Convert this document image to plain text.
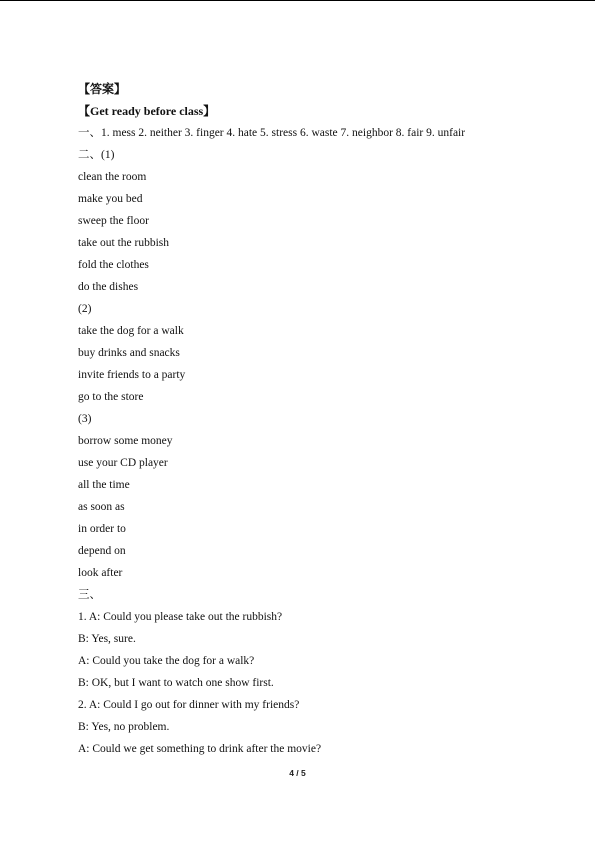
【答案】
【Get ready before class】
一、1. mess 2. neither 3. finger 4. hate 5. stress 6. waste 7. neighbor 8. fair 9. unfair
二、(1)
clean the room
make you bed
sweep the floor
take out the rubbish
fold the clothes
do the dishes
(2)
take the dog for a walk
buy drinks and snacks
invite friends to a party
go to the store
(3)
borrow some money
use your CD player
all the time
as soon as
in order to
depend on
look after
三、
1. A: Could you please take out the rubbish?
B: Yes, sure.
A: Could you take the dog for a walk?
B: OK, but I want to watch one show first.
2. A: Could I go out for dinner with my friends?
B: Yes, no problem.
A: Could we get something to drink after the movie?
4 / 5
